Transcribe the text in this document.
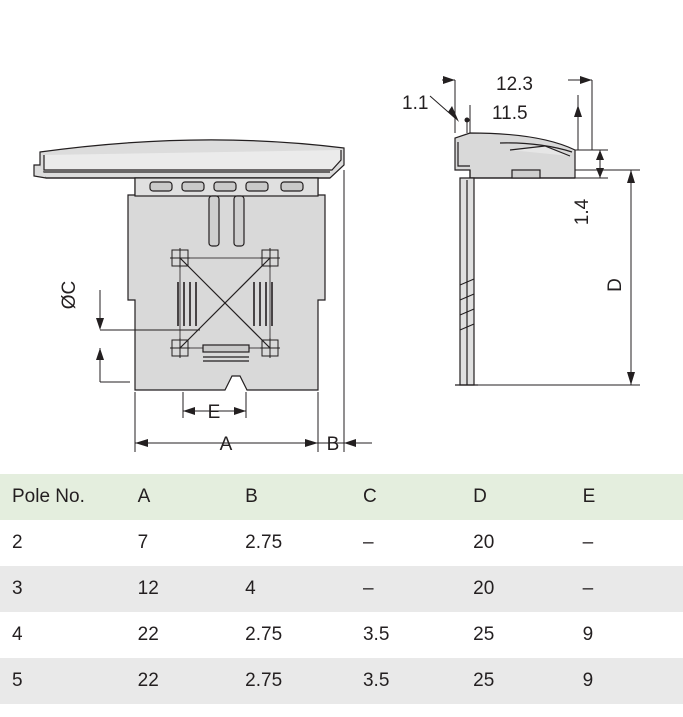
ØC
E
A	B
1.1
12.3
11.5
1.4
D
Pole No.	A	B	C	D	E
2	7	2.75	–	20	–
3	12	4	–	20	–
4	22	2.75	3.5	25	9
5	22	2.75	3.5	25	9
